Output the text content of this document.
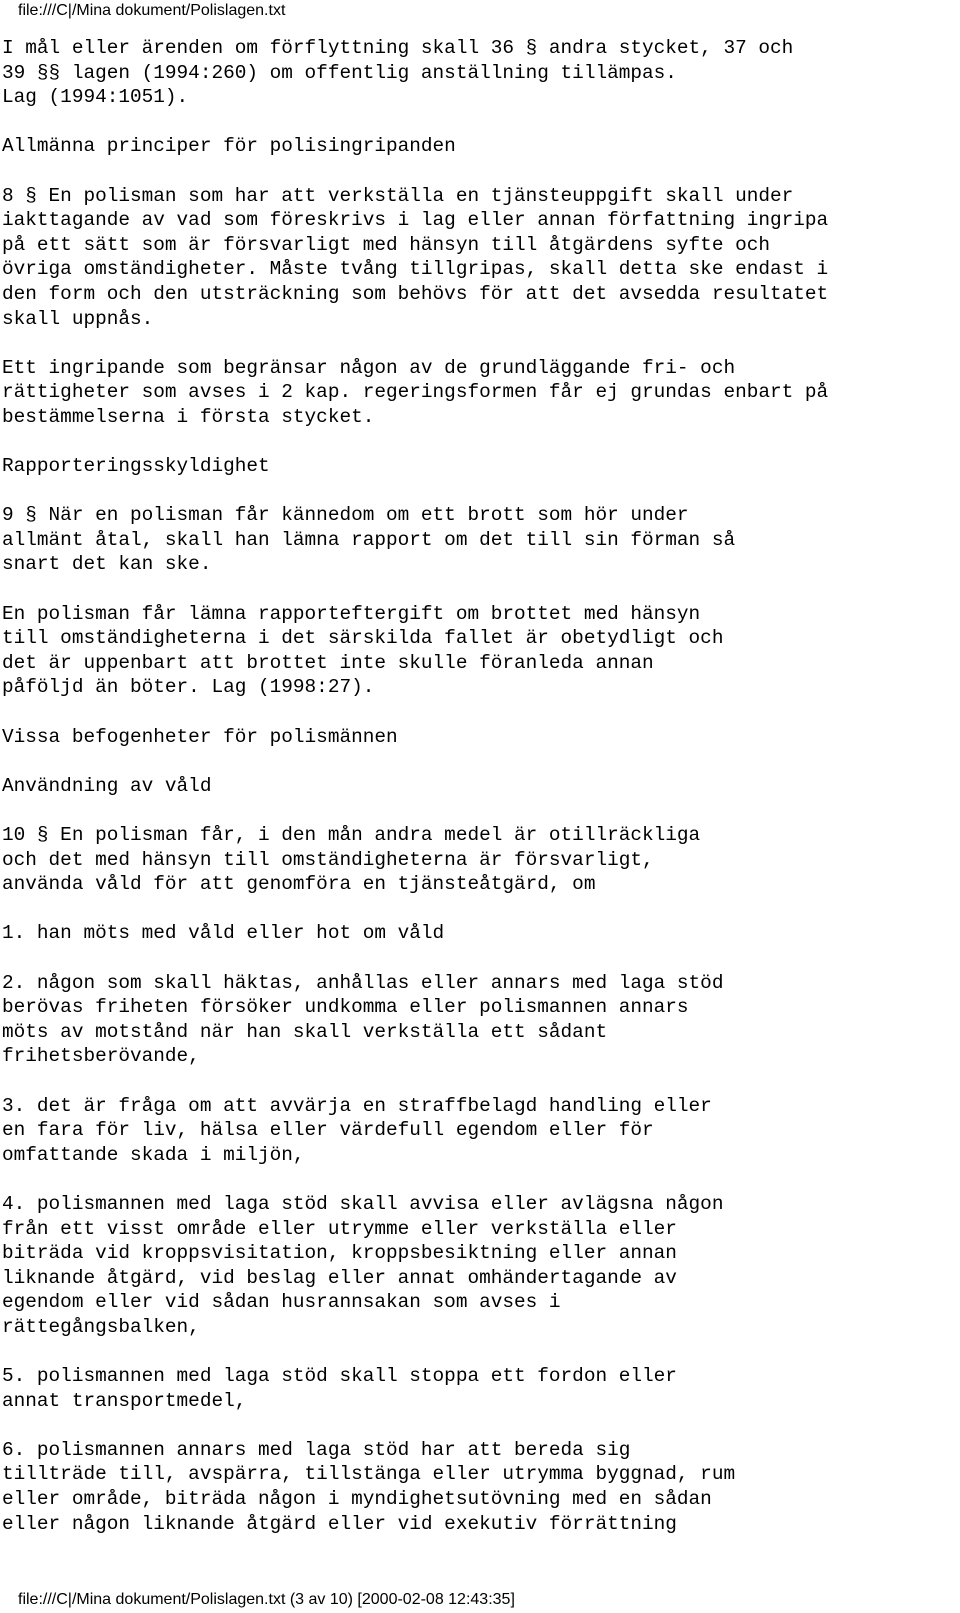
file:///C|/Mina dokument/Polislagen.txt
I mål eller ärenden om förflyttning skall 36 § andra stycket, 37 och
39 §§ lagen (1994:260) om offentlig anställning tillämpas.
Lag (1994:1051).
Allmänna principer för polisingripanden
8 § En polisman som har att verkställa en tjänsteuppgift skall under
iakttagande av vad som föreskrivs i lag eller annan författning ingripa
på ett sätt som är försvarligt med hänsyn till åtgärdens syfte och
övriga omständigheter. Måste tvång tillgripas, skall detta ske endast i
den form och den utsträckning som behövs för att det avsedda resultatet
skall uppnås.
Ett ingripande som begränsar någon av de grundläggande fri- och
rättigheter som avses i 2 kap. regeringsformen får ej grundas enbart på
bestämmelserna i första stycket.
Rapporteringsskyldighet
9 § När en polisman får kännedom om ett brott som hör under
allmänt åtal, skall han lämna rapport om det till sin förman så
snart det kan ske.
En polisman får lämna rapporteftergift om brottet med hänsyn
till omständigheterna i det särskilda fallet är obetydligt och
det är uppenbart att brottet inte skulle föranleda annan
påföljd än böter. Lag (1998:27).
Vissa befogenheter för polismännen
Användning av våld
10 § En polisman får, i den mån andra medel är otillräckliga
och det med hänsyn till omständigheterna är försvarligt,
använda våld för att genomföra en tjänsteåtgärd, om
1. han möts med våld eller hot om våld
2. någon som skall häktas, anhållas eller annars med laga stöd
berövas friheten försöker undkomma eller polismannen annars
möts av motstånd när han skall verkställa ett sådant
frihetsberövande,
3. det är fråga om att avvärja en straffbelagd handling eller
en fara för liv, hälsa eller värdefull egendom eller för
omfattande skada i miljön,
4. polismannen med laga stöd skall avvisa eller avlägsna någon
från ett visst område eller utrymme eller verkställa eller
biträda vid kroppsvisitation, kroppsbesiktning eller annan
liknande åtgärd, vid beslag eller annat omhändertagande av
egendom eller vid sådan husrannsakan som avses i
rättegångsbalken,
5. polismannen med laga stöd skall stoppa ett fordon eller
annat transportmedel,
6. polismannen annars med laga stöd har att bereda sig
tillträde till, avspärra, tillstänga eller utrymma byggnad, rum
eller område, biträda någon i myndighetsutövning med en sådan
eller någon liknande åtgärd eller vid exekutiv förrättning
file:///C|/Mina dokument/Polislagen.txt (3 av 10) [2000-02-08 12:43:35]
